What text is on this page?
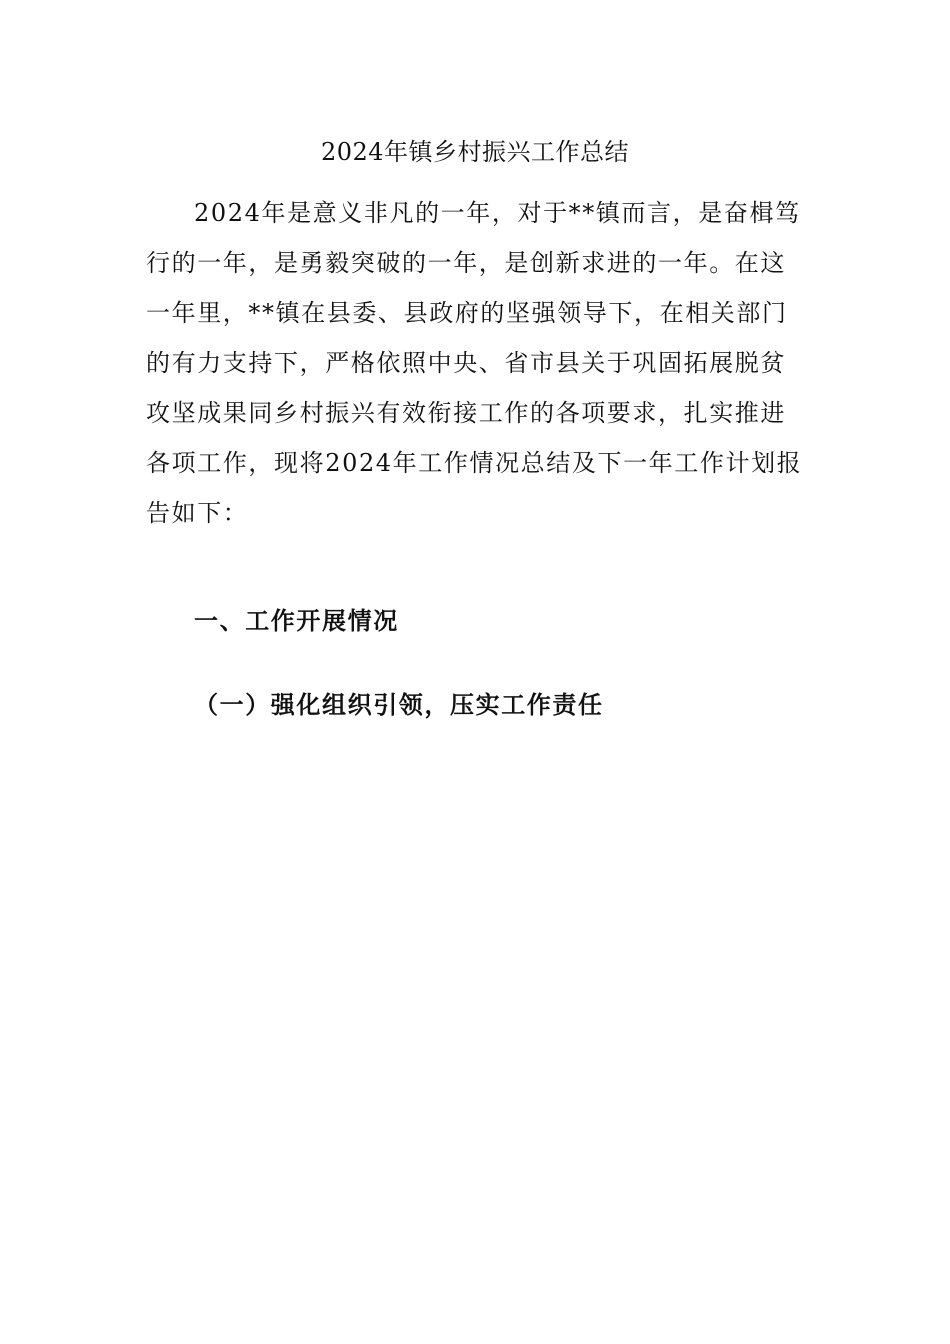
2024年镇乡村振兴工作总结
2024年是意义非凡的一年，对于**镇而言，是奋楫笃
行的一年，是勇毅突破的一年，是创新求进的一年。在这
一年里，**镇在县委、县政府的坚强领导下，在相关部门
的有力支持下，严格依照中央、省市县关于巩固拓展脱贫
攻坚成果同乡村振兴有效衔接工作的各项要求，扎实推进
各项工作，现将2024年工作情况总结及下一年工作计划报
告如下：
一、工作开展情况
（一）强化组织引领，压实工作责任
